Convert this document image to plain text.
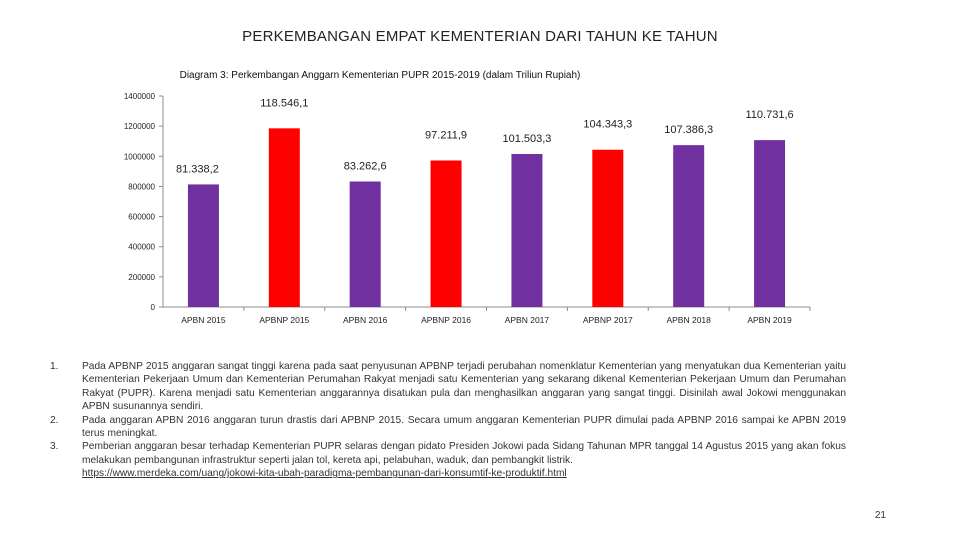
PERKEMBANGAN EMPAT KEMENTERIAN DARI TAHUN KE TAHUN
Diagram 3: Perkembangan Anggarn Kementerian PUPR 2015-2019 (dalam Triliun Rupiah)
0
200000
400000
600000
800000
1000000
1200000
1400000
APBN 2015
81.338,2
APBNP 2015
118.546,1
APBN 2016
83.262,6
APBNP 2016
97.211,9
APBN 2017
101.503,3
APBNP 2017
104.343,3
APBN 2018
107.386,3
APBN 2019
110.731,6
1. Pada APBNP 2015 anggaran sangat tinggi karena pada saat penyusunan APBNP terjadi perubahan nomenklatur Kementerian yang menyatukan dua Kementerian yaitu Kementerian Pekerjaan Umum dan Kementerian Perumahan Rakyat menjadi satu Kementerian yang sekarang dikenal Kementerian Pekerjaan Umum dan Perumahan Rakyat (PUPR). Karena menjadi satu Kementerian anggarannya disatukan pula dan menghasilkan anggaran yang sangat tinggi. Disinilah awal Jokowi menggunakan APBN susunannya sendiri.
2. Pada anggaran APBN 2016 anggaran turun drastis dari APBNP 2015. Secara umum anggaran Kementerian PUPR dimulai pada APBNP 2016 sampai ke APBN 2019 terus meningkat.
3. Pemberian anggaran besar terhadap Kementerian PUPR selaras dengan pidato Presiden Jokowi pada Sidang Tahunan MPR tanggal 14 Agustus 2015 yang akan fokus melakukan pembangunan infrastruktur seperti jalan tol, kereta api, pelabuhan, waduk, dan pembangkit listrik.
https://www.merdeka.com/uang/jokowi-kita-ubah-paradigma-pembangunan-dari-konsumtif-ke-produktif.html
21
